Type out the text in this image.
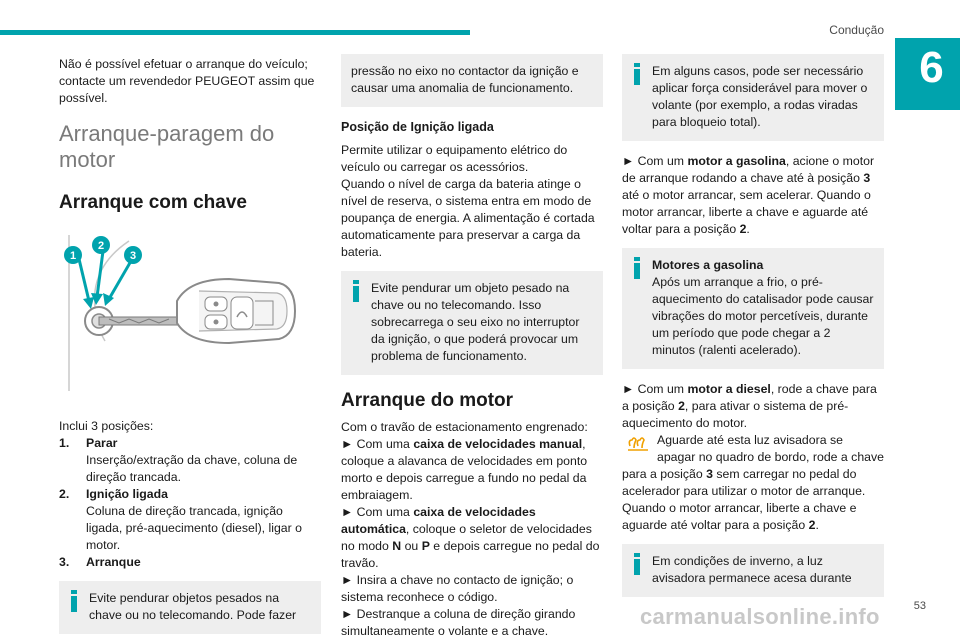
Condução
6

Não é possível efetuar o arranque do veículo; contacte um revendedor PEUGEOT assim que possível.

Arranque-paragem do motor
Arranque com chave
1
2
3
Inclui 3 posições:
1.	Parar
Inserção/extração da chave, coluna de direção trancada.
2.	Ignição ligada
Coluna de direção trancada, ignição ligada, pré-aquecimento (diesel), ligar o motor.
3.	Arranque
Evite pendurar objetos pesados na chave ou no telecomando. Pode fazer
pressão no eixo no contactor da ignição e causar uma anomalia de funcionamento.
Posição de Ignição ligada
Permite utilizar o equipamento elétrico do veículo ou carregar os acessórios.

Quando o nível de carga da bateria atinge o nível de reserva, o sistema entra em modo de poupança de energia. A alimentação é cortada automaticamente para preservar a carga da bateria.

Evite pendurar um objeto pesado na chave ou no telecomando. Isso sobrecarrega o seu eixo no interruptor da ignição, o que poderá provocar um problema de funcionamento.
Arranque do motor
Com o travão de estacionamento engrenado:
► Com uma caixa de velocidades manual, coloque a alavanca de velocidades em ponto morto e depois carregue a fundo no pedal da embraiagem.
► Com uma caixa de velocidades automática, coloque o seletor de velocidades no modo N ou P e depois carregue no pedal do travão.
► Insira a chave no contacto de ignição; o sistema reconhece o código.
► Destranque a coluna de direção girando simultaneamente o volante e a chave.
Em alguns casos, pode ser necessário aplicar força considerável para mover o volante (por exemplo, a rodas viradas para bloqueio total).

► Com um motor a gasolina, acione o motor de arranque rodando a chave até à posição 3 até o motor arrancar, sem acelerar. Quando o motor arrancar, liberte a chave e aguarde até voltar para a posição 2.

Motores a gasolina
Após um arranque a frio, o pré-aquecimento do catalisador pode causar vibrações do motor percetíveis, durante um período que pode chegar a 2 minutos (ralenti acelerado).
► Com um motor a diesel, rode a chave para a posição 2, para ativar o sistema de pré-aquecimento do motor.
Aguarde até esta luz avisadora se apagar no quadro de bordo, rode a chave para a posição 3 sem carregar no pedal do acelerador para utilizar o motor de arranque. Quando o motor arrancar, liberte a chave e aguarde até voltar para a posição 2.
Em condições de inverno, a luz avisadora permanece acesa durante
53
carmanualsonline.info
